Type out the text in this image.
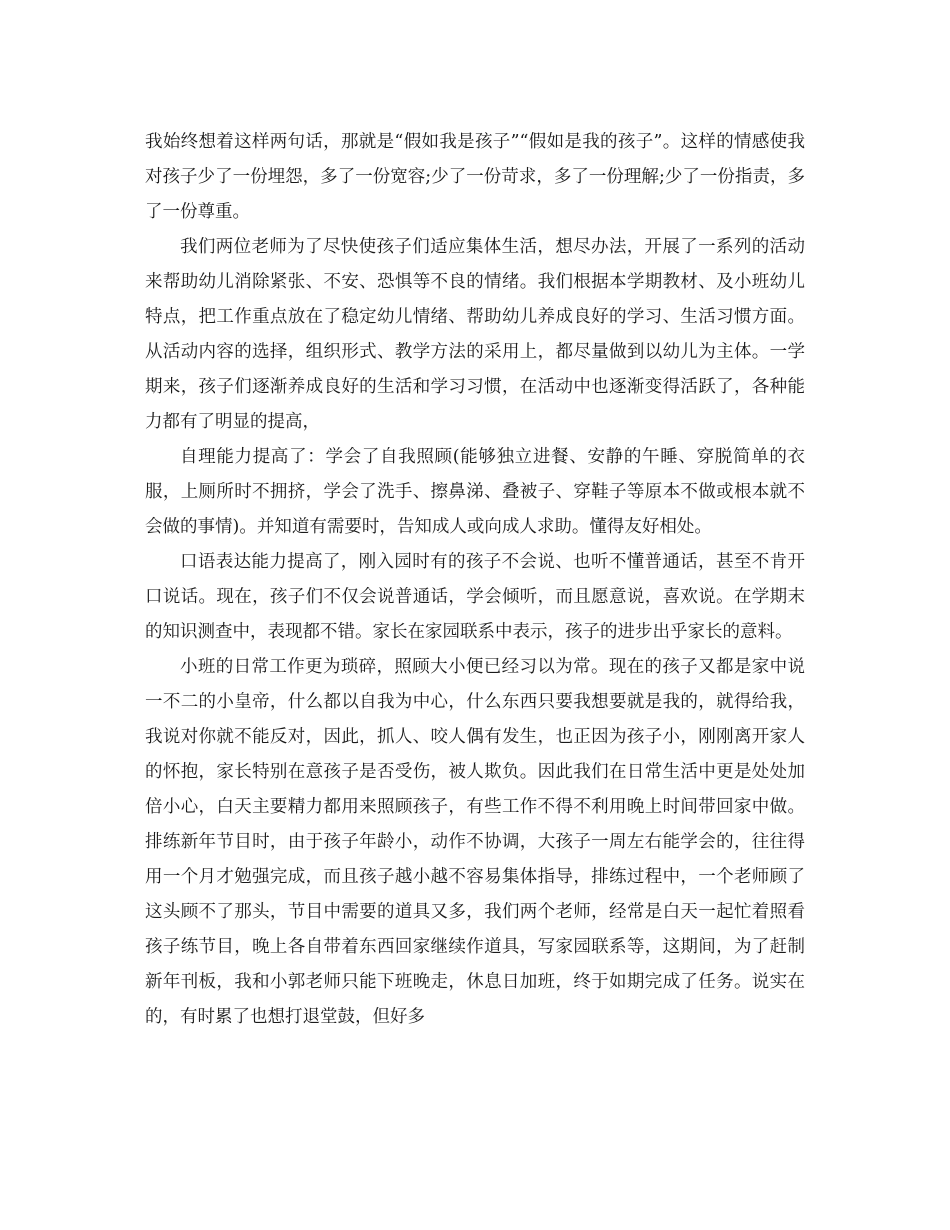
我始终想着这样两句话，那就是“假如我是孩子”“假如是我的孩子”。这样的情感使我对孩子少了一份埋怨，多了一份宽容;少了一份苛求，多了一份理解;少了一份指责，多了一份尊重。

我们两位老师为了尽快使孩子们适应集体生活，想尽办法，开展了一系列的活动来帮助幼儿消除紧张、不安、恐惧等不良的情绪。我们根据本学期教材、及小班幼儿特点，把工作重点放在了稳定幼儿情绪、帮助幼儿养成良好的学习、生活习惯方面。从活动内容的选择，组织形式、教学方法的采用上，都尽量做到以幼儿为主体。一学期来，孩子们逐渐养成良好的生活和学习习惯，在活动中也逐渐变得活跃了，各种能力都有了明显的提高，

自理能力提高了：学会了自我照顾(能够独立进餐、安静的午睡、穿脱简单的衣服，上厕所时不拥挤，学会了洗手、擦鼻涕、叠被子、穿鞋子等原本不做或根本就不会做的事情)。并知道有需要时，告知成人或向成人求助。懂得友好相处。

口语表达能力提高了，刚入园时有的孩子不会说、也听不懂普通话，甚至不肯开口说话。现在，孩子们不仅会说普通话，学会倾听，而且愿意说，喜欢说。在学期末的知识测查中，表现都不错。家长在家园联系中表示，孩子的进步出乎家长的意料。

小班的日常工作更为琐碎，照顾大小便已经习以为常。现在的孩子又都是家中说一不二的小皇帝，什么都以自我为中心，什么东西只要我想要就是我的，就得给我，我说对你就不能反对，因此，抓人、咬人偶有发生，也正因为孩子小，刚刚离开家人的怀抱，家长特别在意孩子是否受伤，被人欺负。因此我们在日常生活中更是处处加倍小心，白天主要精力都用来照顾孩子，有些工作不得不利用晚上时间带回家中做。排练新年节目时，由于孩子年龄小，动作不协调，大孩子一周左右能学会的，往往得用一个月才勉强完成，而且孩子越小越不容易集体指导，排练过程中，一个老师顾了这头顾不了那头，节目中需要的道具又多，我们两个老师，经常是白天一起忙着照看孩子练节目，晚上各自带着东西回家继续作道具，写家园联系等，这期间，为了赶制新年刊板，我和小郭老师只能下班晚走，休息日加班，终于如期完成了任务。说实在的，有时累了也想打退堂鼓，但好多
